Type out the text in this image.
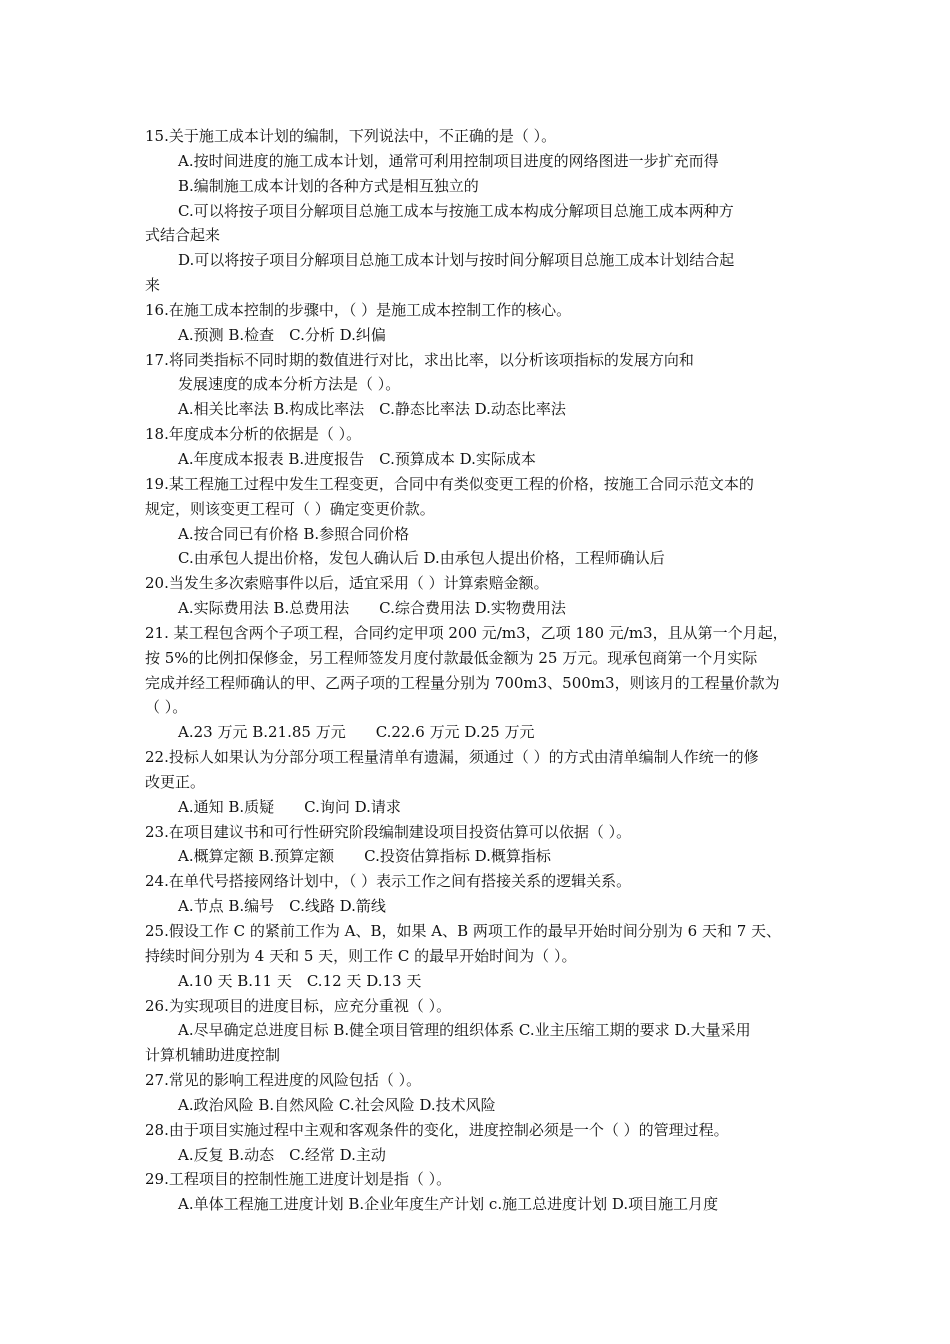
15.关于施工成本计划的编制，下列说法中，不正确的是（ ）。
A.按时间进度的施工成本计划，通常可利用控制项目进度的网络图进一步扩充而得
B.编制施工成本计划的各种方式是相互独立的
C.可以将按子项目分解项目总施工成本与按施工成本构成分解项目总施工成本两种方
式结合起来
D.可以将按子项目分解项目总施工成本计划与按时间分解项目总施工成本计划结合起
来
16.在施工成本控制的步骤中，（ ）是施工成本控制工作的核心。
A.预测 B.检查　C.分析 D.纠偏
17.将同类指标不同时期的数值进行对比，求出比率，以分析该项指标的发展方向和
发展速度的成本分析方法是（ ）。
A.相关比率法 B.构成比率法　C.静态比率法 D.动态比率法
18.年度成本分析的依据是（ ）。
A.年度成本报表 B.进度报告　C.预算成本 D.实际成本
19.某工程施工过程中发生工程变更，合同中有类似变更工程的价格，按施工合同示范文本的
规定，则该变更工程可（ ）确定变更价款。
A.按合同已有价格 B.参照合同价格
C.由承包人提出价格，发包人确认后 D.由承包人提出价格，工程师确认后
20.当发生多次索赔事件以后，适宜采用（ ）计算索赔金额。
A.实际费用法 B.总费用法　　C.综合费用法 D.实物费用法
21. 某工程包含两个子项工程，合同约定甲项 200 元/m3，乙项 180 元/m3，且从第一个月起，
按 5%的比例扣保修金，另工程师签发月度付款最低金额为 25 万元。现承包商第一个月实际
完成并经工程师确认的甲、乙两子项的工程量分别为 700m3、500m3，则该月的工程量价款为
（ ）。
A.23 万元 B.21.85 万元　　C.22.6 万元 D.25 万元
22.投标人如果认为分部分项工程量清单有遗漏，须通过（ ）的方式由清单编制人作统一的修
改更正。
A.通知 B.质疑　　C.询问 D.请求
23.在项目建议书和可行性研究阶段编制建设项目投资估算可以依据（ ）。
A.概算定额 B.预算定额　　C.投资估算指标 D.概算指标
24.在单代号搭接网络计划中，（ ）表示工作之间有搭接关系的逻辑关系。
A.节点 B.编号　C.线路 D.箭线
25.假设工作 C 的紧前工作为 A、B，如果 A、B 两项工作的最早开始时间分别为 6 天和 7 天、
持续时间分别为 4 天和 5 天，则工作 C 的最早开始时间为（ ）。
A.10 天 B.11 天　C.12 天 D.13 天
26.为实现项目的进度目标，应充分重视（ ）。
A.尽早确定总进度目标 B.健全项目管理的组织体系 C.业主压缩工期的要求 D.大量采用
计算机辅助进度控制
27.常见的影响工程进度的风险包括（ ）。
A.政治风险 B.自然风险 C.社会风险 D.技术风险
28.由于项目实施过程中主观和客观条件的变化，进度控制必须是一个（ ）的管理过程。
A.反复 B.动态　C.经常 D.主动
29.工程项目的控制性施工进度计划是指（ ）。
A.单体工程施工进度计划 B.企业年度生产计划 c.施工总进度计划 D.项目施工月度
